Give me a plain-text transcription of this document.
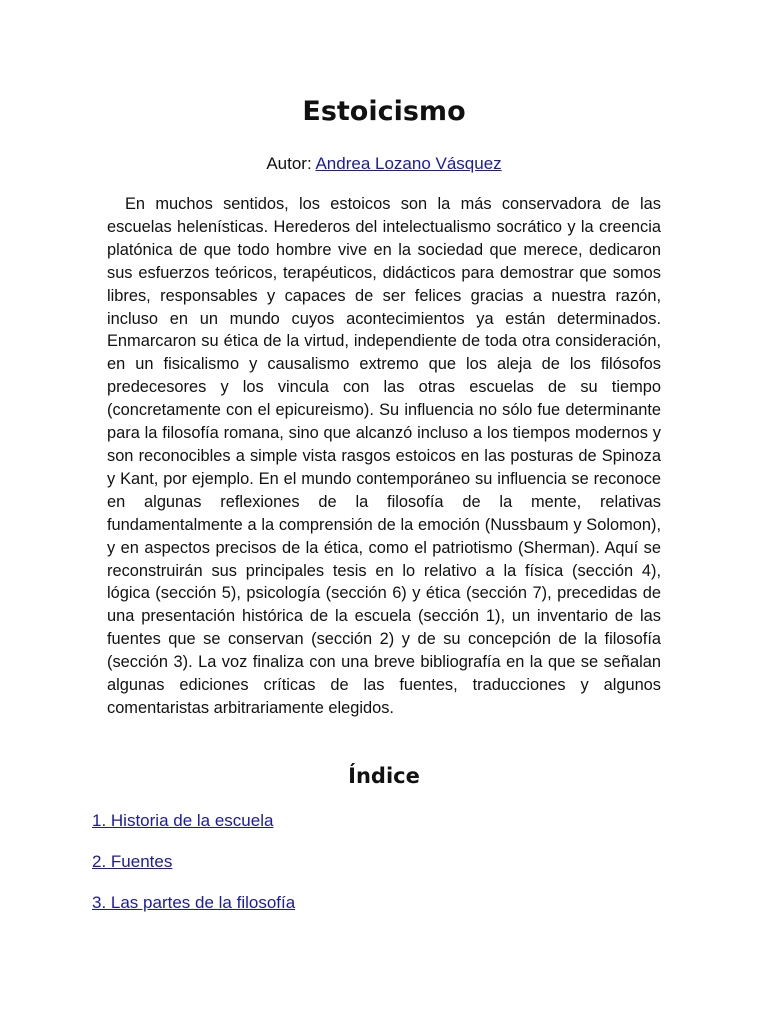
Estoicismo
Autor: Andrea Lozano Vásquez

En muchos sentidos, los estoicos son la más conservadora de las escuelas helenísticas. Herederos del intelectualismo socrático y la creencia platónica de que todo hombre vive en la sociedad que merece, dedicaron sus esfuerzos teóricos, terapéuticos, didácticos para demostrar que somos libres, responsables y capaces de ser felices gracias a nuestra razón, incluso en un mundo cuyos acontecimientos ya están determinados. Enmarcaron su ética de la virtud, independiente de toda otra consideración, en un fisicalismo y causalismo extremo que los aleja de los filósofos predecesores y los vincula con las otras escuelas de su tiempo (concretamente con el epicureismo). Su influencia no sólo fue determinante para la filosofía romana, sino que alcanzó incluso a los tiempos modernos y son reconocibles a simple vista rasgos estoicos en las posturas de Spinoza y Kant, por ejemplo. En el mundo contemporáneo su influencia se reconoce en algunas reflexiones de la filosofía de la mente, relativas fundamentalmente a la comprensión de la emoción (Nussbaum y Solomon), y en aspectos precisos de la ética, como el patriotismo (Sherman). Aquí se reconstruirán sus principales tesis en lo relativo a la física (sección 4), lógica (sección 5), psicología (sección 6) y ética (sección 7), precedidas de una presentación histórica de la escuela (sección 1), un inventario de las fuentes que se conservan (sección 2) y de su concepción de la filosofía (sección 3). La voz finaliza con una breve bibliografía en la que se señalan algunas ediciones críticas de las fuentes, traducciones y algunos comentaristas arbitrariamente elegidos.

Índice
1. Historia de la escuela
2. Fuentes
3. Las partes de la filosofía
